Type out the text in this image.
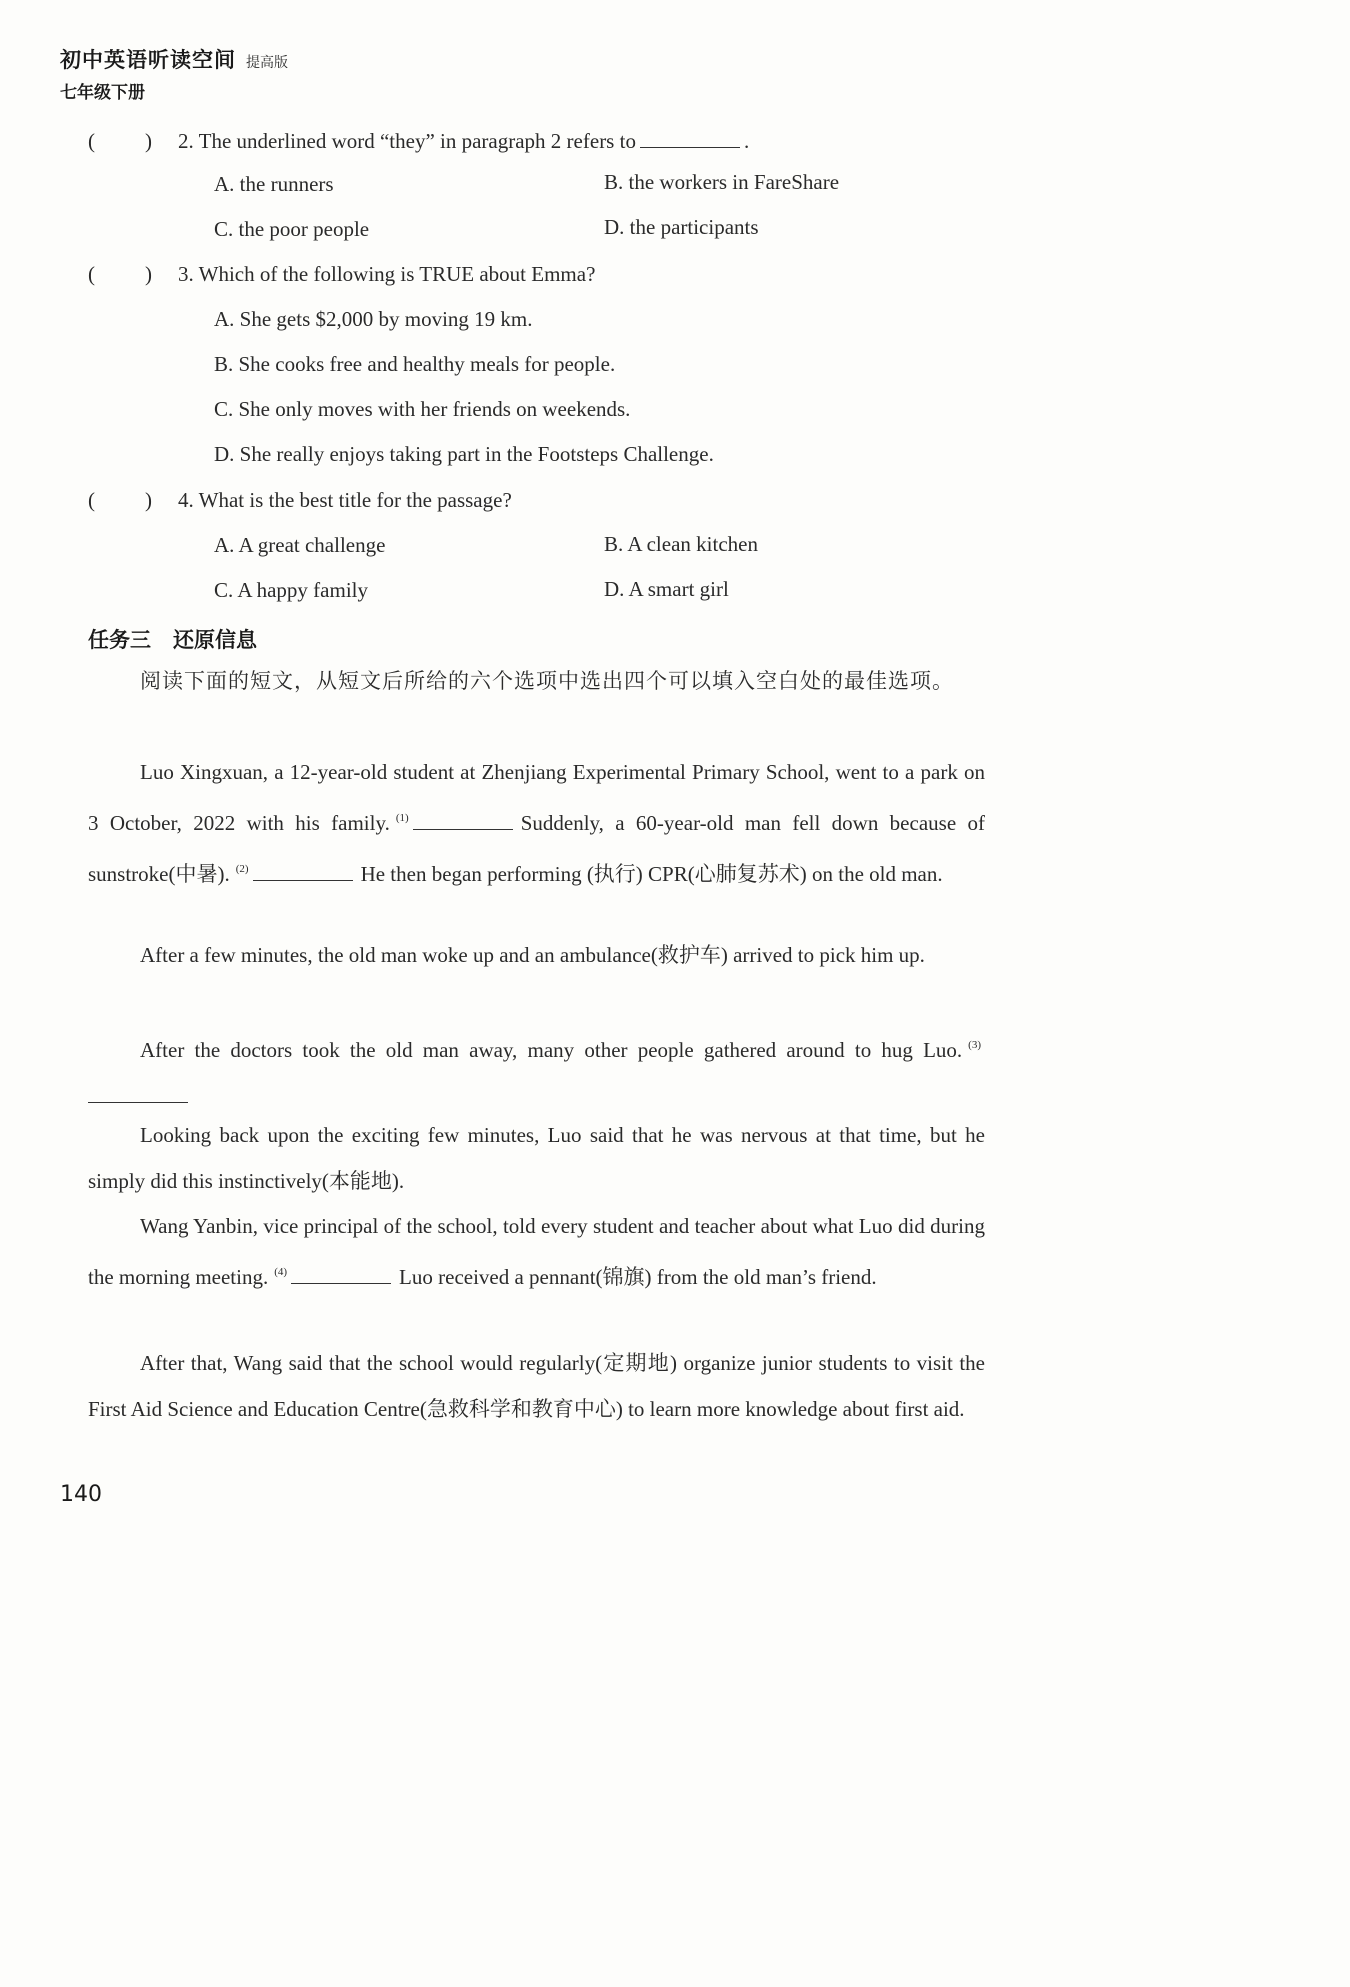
初中英语听读空间 提高版
七年级下册
( ) 2. The underlined word “they” in paragraph 2 refers to	.
A. the runners	B. the workers in FareShare
C. the poor people	D. the participants
( ) 3. Which of the following is TRUE about Emma?
A. She gets $2,000 by moving 19 km.
B. She cooks free and healthy meals for people.
C. She only moves with her friends on weekends.
D. She really enjoys taking part in the Footsteps Challenge.
( ) 4. What is the best title for the passage?
A. A great challenge	B. A clean kitchen
C. A happy family	D. A smart girl
任务三 还原信息
阅读下面的短文，从短文后所给的六个选项中选出四个可以填入空白处的最佳选项。
Luo Xingxuan, a 12-year-old student at Zhenjiang Experimental Primary School, went to a park on 3 October, 2022 with his family. $^{(1)}$	Suddenly, a 60-year-old man fell down because of sunstroke(中暑). $^{(2)}$	He then began performing (执行) CPR(心肺复苏术) on the old man.
After a few minutes, the old man woke up and an ambulance(救护车) arrived to pick him up.
After the doctors took the old man away, many other people gathered around to hug Luo. $^{(3)}$
Looking back upon the exciting few minutes, Luo said that he was nervous at that time, but he simply did this instinctively(本能地).
Wang Yanbin, vice principal of the school, told every student and teacher about what Luo did during the morning meeting. $^{(4)}$	Luo received a pennant(锦旗) from the old man’s friend.
After that, Wang said that the school would regularly(定期地) organize junior students to visit the First Aid Science and Education Centre(急救科学和教育中心) to learn more knowledge about first aid.
140
